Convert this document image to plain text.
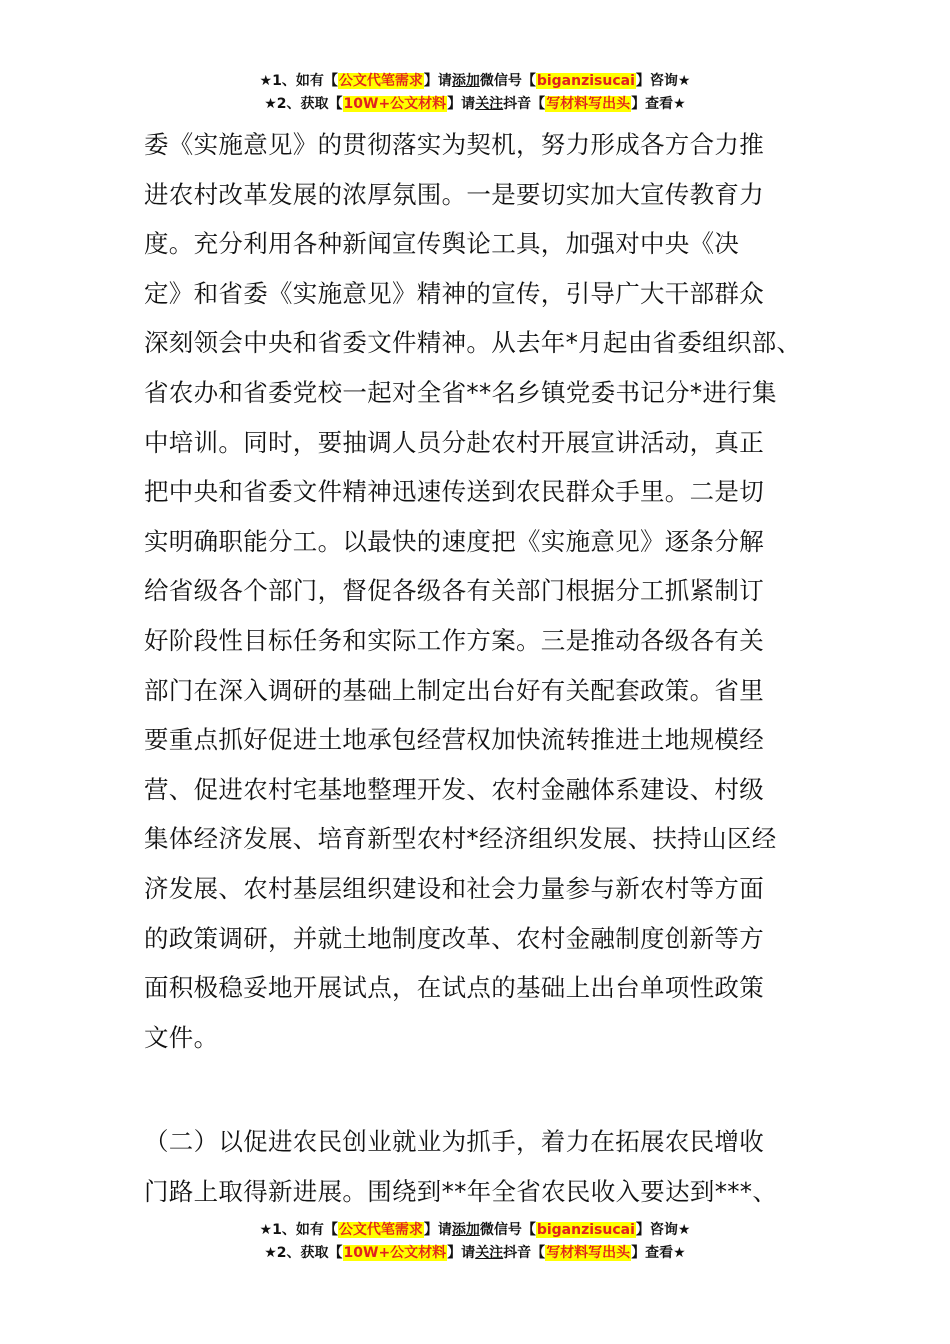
★1、如有【公文代笔需求】请添加微信号【biganzisucai】咨询★
★2、获取【10W+公文材料】请关注抖音【写材料写出头】查看★
委《实施意见》的贯彻落实为契机，努力形成各方合力推
进农村改革发展的浓厚氛围。一是要切实加大宣传教育力
度。充分利用各种新闻宣传舆论工具，加强对中央《决
定》和省委《实施意见》精神的宣传，引导广大干部群众
深刻领会中央和省委文件精神。从去年*月起由省委组织部、
省农办和省委党校一起对全省**名乡镇党委书记分*进行集
中培训。同时，要抽调人员分赴农村开展宣讲活动，真正
把中央和省委文件精神迅速传送到农民群众手里。二是切
实明确职能分工。以最快的速度把《实施意见》逐条分解
给省级各个部门，督促各级各有关部门根据分工抓紧制订
好阶段性目标任务和实际工作方案。三是推动各级各有关
部门在深入调研的基础上制定出台好有关配套政策。省里
要重点抓好促进土地承包经营权加快流转推进土地规模经
营、促进农村宅基地整理开发、农村金融体系建设、村级
集体经济发展、培育新型农村*经济组织发展、扶持山区经
济发展、农村基层组织建设和社会力量参与新农村等方面
的政策调研，并就土地制度改革、农村金融制度创新等方
面积极稳妥地开展试点，在试点的基础上出台单项性政策
文件。
（二）以促进农民创业就业为抓手，着力在拓展农民增收
门路上取得新进展。围绕到**年全省农民收入要达到***、
★1、如有【公文代笔需求】请添加微信号【biganzisucai】咨询★
★2、获取【10W+公文材料】请关注抖音【写材料写出头】查看★
